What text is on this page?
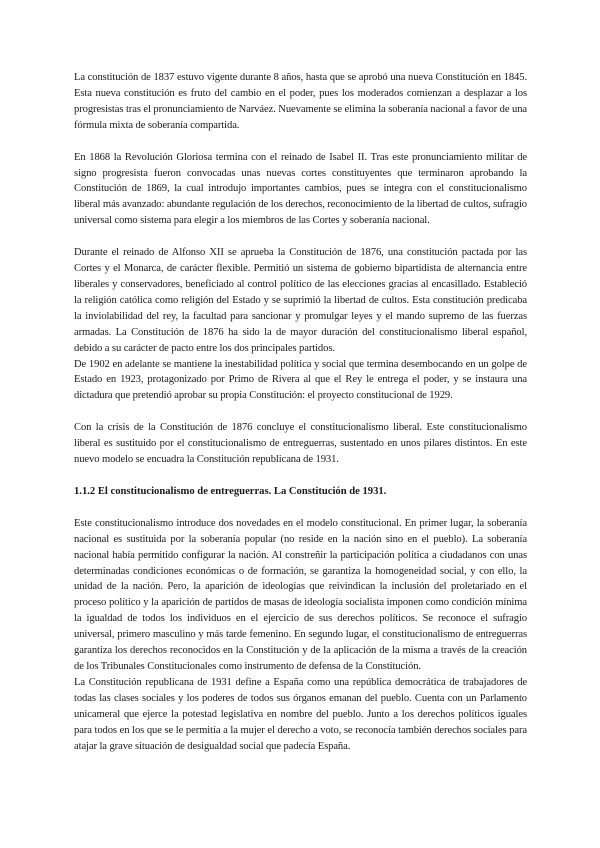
La constitución de 1837 estuvo vigente durante 8 años, hasta que se aprobó una nueva Constitución en 1845. Esta nueva constitución es fruto del cambio en el poder, pues los moderados comienzan a desplazar a los progresistas tras el pronunciamiento de Narváez. Nuevamente se elimina la soberanía nacional a favor de una fórmula mixta de soberanía compartida.

En 1868 la Revolución Gloriosa termina con el reinado de Isabel II. Tras este pronunciamiento militar de signo progresista fueron convocadas unas nuevas cortes constituyentes que terminaron aprobando la Constitución de 1869, la cual introdujo importantes cambios, pues se integra con el constitucionalismo liberal más avanzado: abundante regulación de los derechos, reconocimiento de la libertad de cultos, sufragio universal como sistema para elegir a los miembros de las Cortes y soberanía nacional.

Durante el reinado de Alfonso XII se aprueba la Constitución de 1876, una constitución pactada por las Cortes y el Monarca, de carácter flexible. Permitió un sistema de gobierno bipartidista de alternancia entre liberales y conservadores, beneficiado al control político de las elecciones gracias al encasillado. Estableció la religión católica como religión del Estado y se suprimió la libertad de cultos. Esta constitución predicaba la inviolabilidad del rey, la facultad para sancionar y promulgar leyes y el mando supremo de las fuerzas armadas. La Constitución de 1876 ha sido la de mayor duración del constitucionalismo liberal español, debido a su carácter de pacto entre los dos principales partidos.

De 1902 en adelante se mantiene la inestabilidad política y social que termina desembocando en un golpe de Estado en 1923, protagonizado por Primo de Rivera al que el Rey le entrega el poder, y se instaura una dictadura que pretendió aprobar su propia Constitución: el proyecto constitucional de 1929.

Con la crisis de la Constitución de 1876 concluye el constitucionalismo liberal. Este constitucionalismo liberal es sustituido por el constitucionalismo de entreguerras, sustentado en unos pilares distintos. En este nuevo modelo se encuadra la Constitución republicana de 1931.

1.1.2 El constitucionalismo de entreguerras. La Constitución de 1931.

Este constitucionalismo introduce dos novedades en el modelo constitucional. En primer lugar, la soberanía nacional es sustituida por la soberanía popular (no reside en la nación sino en el pueblo). La soberanía nacional había permitido configurar la nación. Al constreñir la participación política a ciudadanos con unas determinadas condiciones económicas o de formación, se garantiza la homogeneidad social, y con ello, la unidad de la nación. Pero, la aparición de ideologías que reivindican la inclusión del proletariado en el proceso político y la aparición de partidos de masas de ideología socialista imponen como condición mínima la igualdad de todos los individuos en el ejercicio de sus derechos políticos. Se reconoce el sufragio universal, primero masculino y más tarde femenino. En segundo lugar, el constitucionalismo de entreguerras garantiza los derechos reconocidos en la Constitución y de la aplicación de la misma a través de la creación de los Tribunales Constitucionales como instrumento de defensa de la Constitución.

La Constitución republicana de 1931 define a España como una república democrática de trabajadores de todas las clases sociales y los poderes de todos sus órganos emanan del pueblo. Cuenta con un Parlamento unicameral que ejerce la potestad legislativa en nombre del pueblo. Junto a los derechos políticos iguales para todos en los que se le permitía a la mujer el derecho a voto, se reconocía también derechos sociales para atajar la grave situación de desigualdad social que padecía España.
